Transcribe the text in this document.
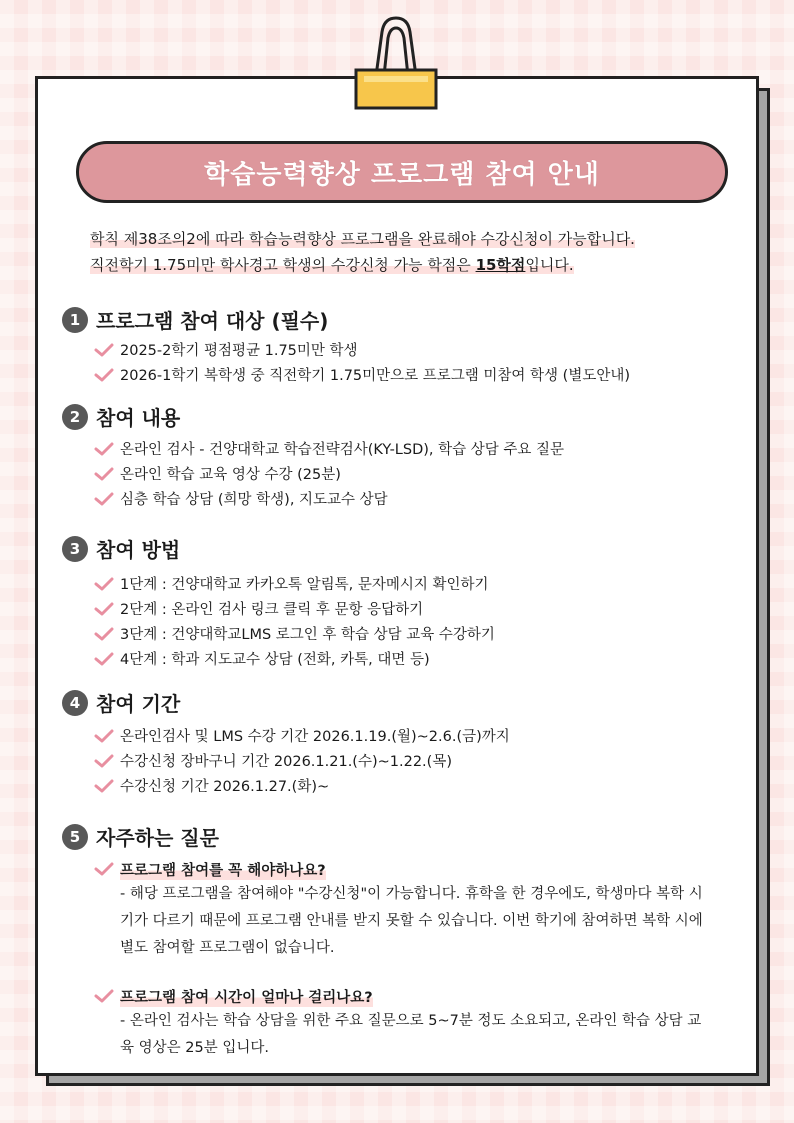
학습능력향상 프로그램 참여 안내
학칙 제38조의2에 따라 학습능력향상 프로그램을 완료해야 수강신청이 가능합니다.
직전학기 1.75미만 학사경고 학생의 수강신청 가능 학점은 15학점입니다.
1 프로그램 참여 대상 (필수)
2025-2학기 평점평균 1.75미만 학생
2026-1학기 복학생 중 직전학기 1.75미만으로 프로그램 미참여 학생 (별도안내)
2 참여 내용
온라인 검사 - 건양대학교 학습전략검사(KY-LSD), 학습 상담 주요 질문
온라인 학습 교육 영상 수강 (25분)
심층 학습 상담 (희망 학생), 지도교수 상담
3 참여 방법
1단계 : 건양대학교 카카오톡 알림톡, 문자메시지 확인하기
2단계 : 온라인 검사 링크 클릭 후 문항 응답하기
3단계 : 건양대학교LMS 로그인 후 학습 상담 교육 수강하기
4단계 : 학과 지도교수 상담 (전화, 카톡, 대면 등)
4 참여 기간
온라인검사 및 LMS 수강 기간 2026.1.19.(월)~2.6.(금)까지
수강신청 장바구니 기간 2026.1.21.(수)~1.22.(목)
수강신청 기간 2026.1.27.(화)~
5 자주하는 질문
프로그램 참여를 꼭 해야하나요?
- 해당 프로그램을 참여해야 "수강신청"이 가능합니다. 휴학을 한 경우에도, 학생마다 복학 시기가 다르기 때문에 프로그램 안내를 받지 못할 수 있습니다. 이번 학기에 참여하면 복학 시에 별도 참여할 프로그램이 없습니다.
프로그램 참여 시간이 얼마나 걸리나요?
- 온라인 검사는 학습 상담을 위한 주요 질문으로 5~7분 정도 소요되고, 온라인 학습 상담 교육 영상은 25분 입니다.
